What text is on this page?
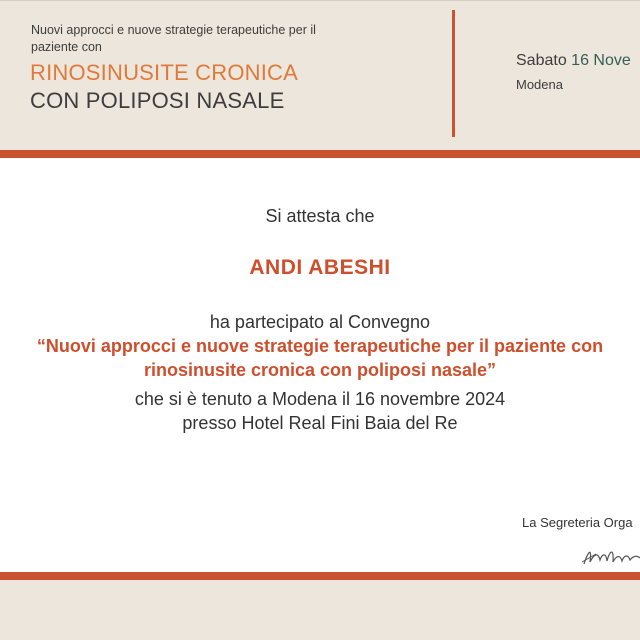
Nuovi approcci e nuove strategie terapeutiche per il paziente con
RINOSINUSITE CRONICA
CON POLIPOSI NASALE
Sabato 16 Nove
Modena
Si attesta che
ANDI ABESHI
ha partecipato al Convegno
“Nuovi approcci e nuove strategie terapeutiche per il paziente con
rinosinusite cronica con poliposi nasale”
che si è tenuto a Modena il 16 novembre 2024
presso Hotel Real Fini Baia del Re
La Segreteria Orga
